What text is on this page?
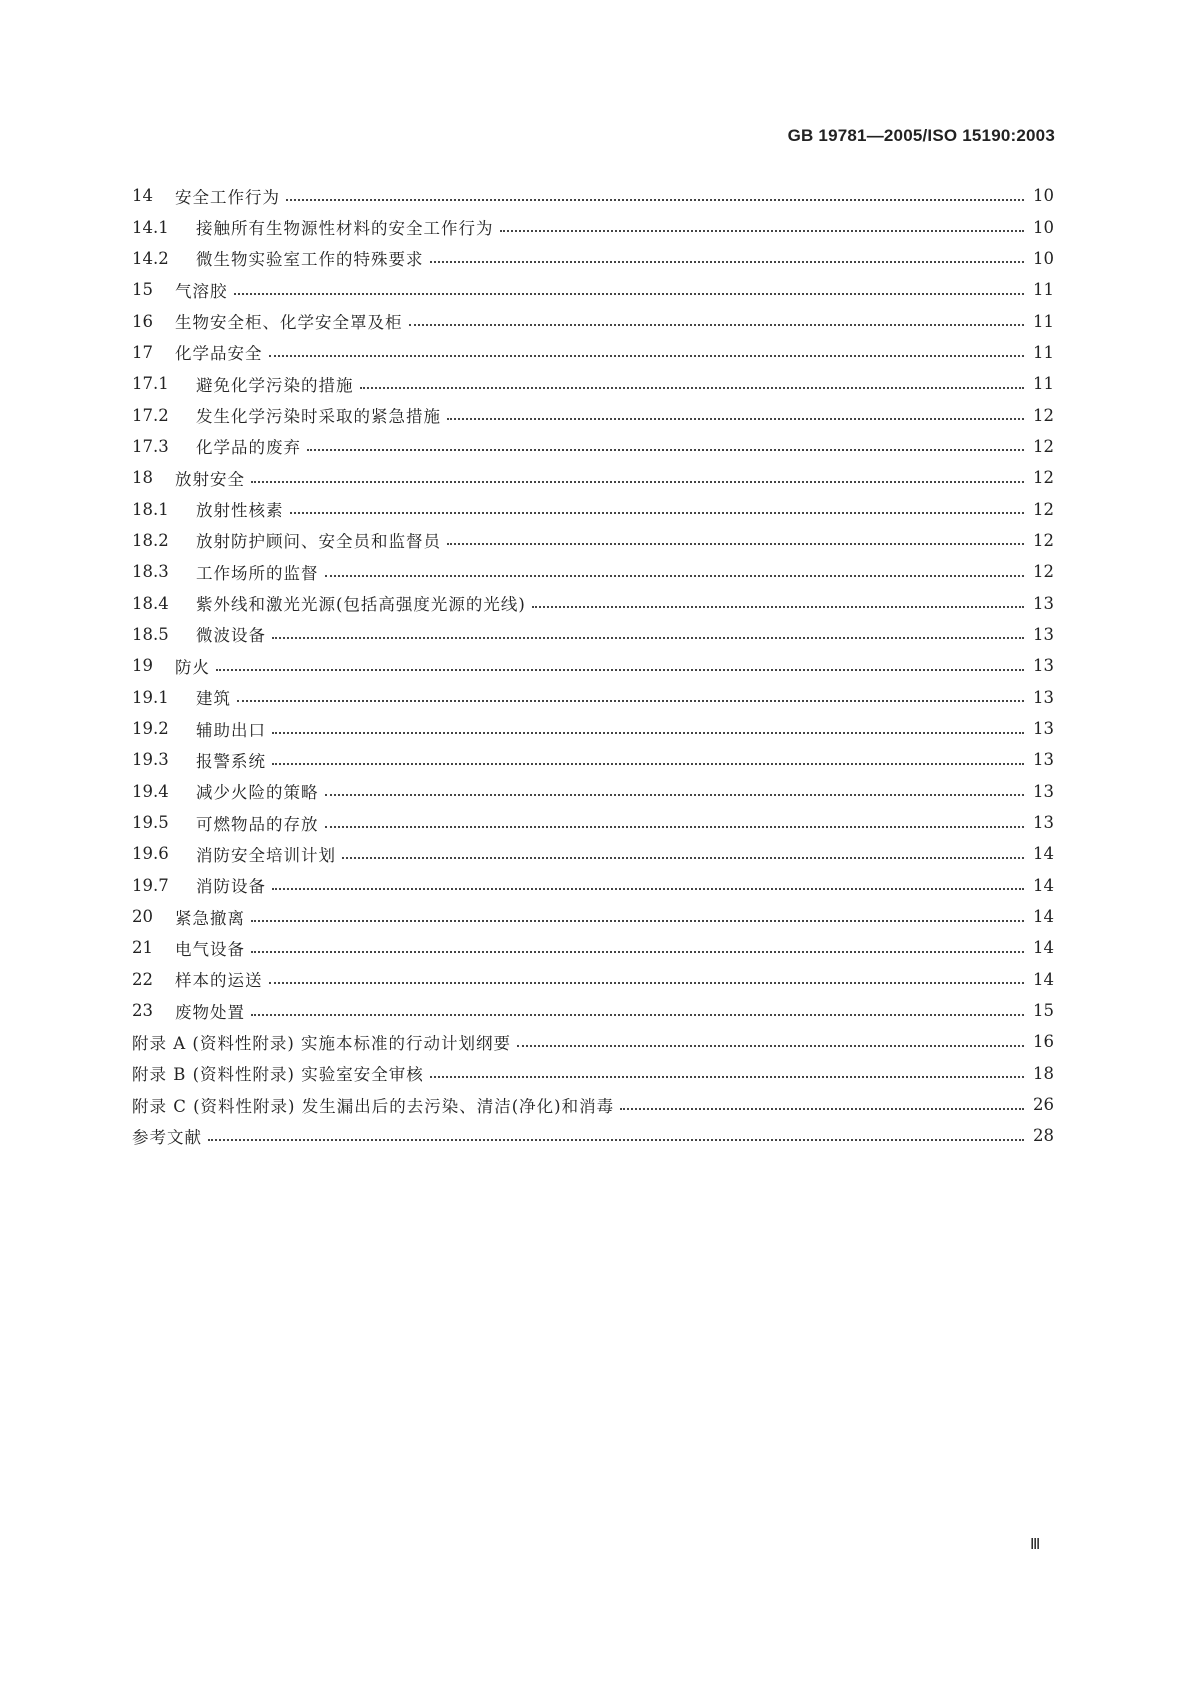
GB 19781—2005/ISO 15190:2003
14	安全工作行为	10
14.1	接触所有生物源性材料的安全工作行为	10
14.2	微生物实验室工作的特殊要求	10
15	气溶胶	11
16	生物安全柜、化学安全罩及柜	11
17	化学品安全	11
17.1	避免化学污染的措施	11
17.2	发生化学污染时采取的紧急措施	12
17.3	化学品的废弃	12
18	放射安全	12
18.1	放射性核素	12
18.2	放射防护顾问、安全员和监督员	12
18.3	工作场所的监督	12
18.4	紫外线和激光光源(包括高强度光源的光线)	13
18.5	微波设备	13
19	防火	13
19.1	建筑	13
19.2	辅助出口	13
19.3	报警系统	13
19.4	减少火险的策略	13
19.5	可燃物品的存放	13
19.6	消防安全培训计划	14
19.7	消防设备	14
20	紧急撤离	14
21	电气设备	14
22	样本的运送	14
23	废物处置	15
附录 A (资料性附录) 实施本标准的行动计划纲要	16
附录 B (资料性附录) 实验室安全审核	18
附录 C (资料性附录) 发生漏出后的去污染、清洁(净化)和消毒	26
参考文献	28
Ⅲ
